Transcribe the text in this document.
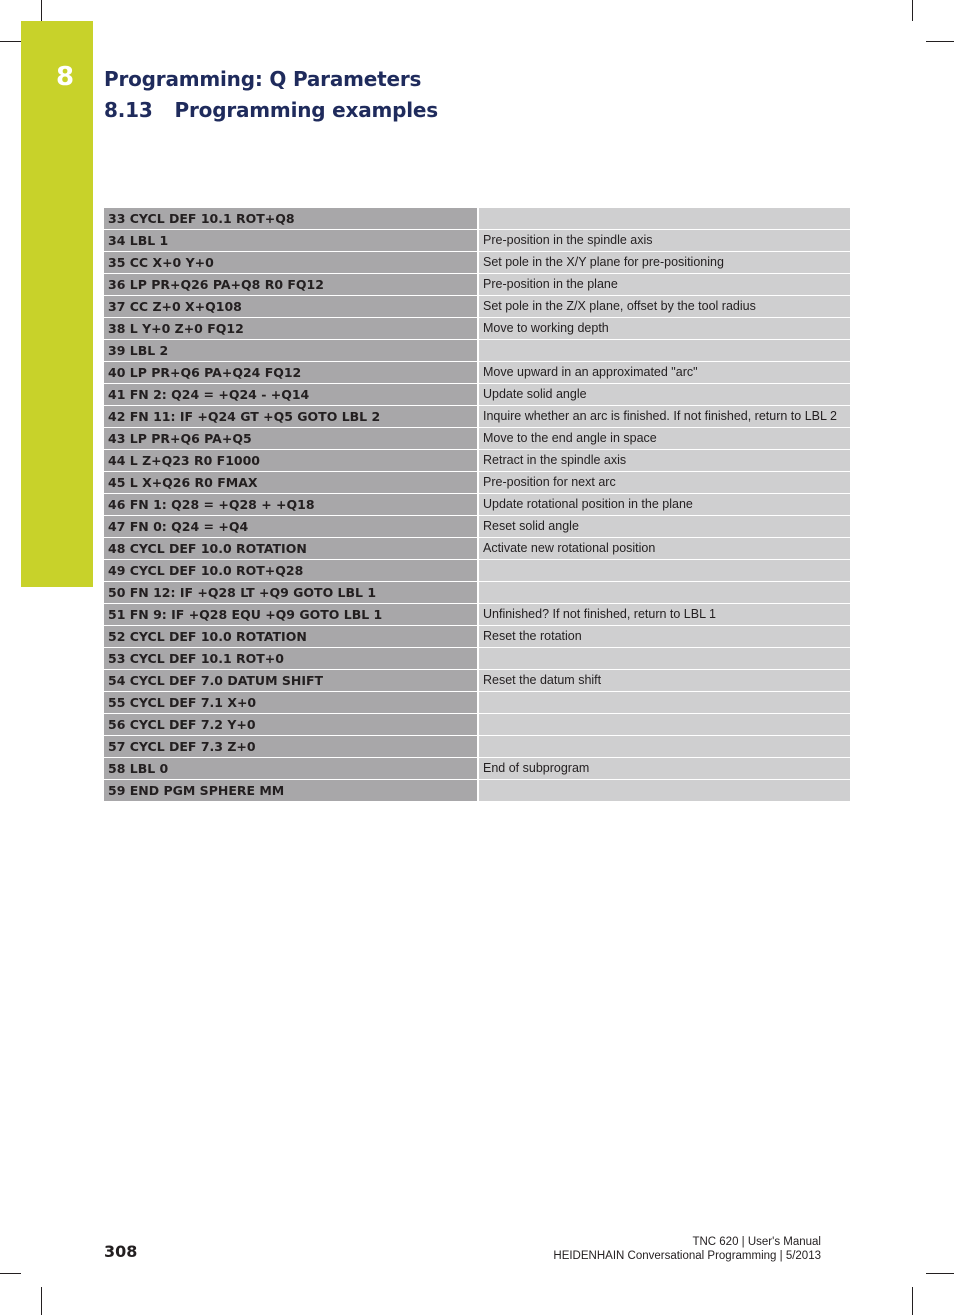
8 Programming: Q Parameters
8.13 Programming examples
33 CYCL DEF 10.1 ROT+Q8	
34 LBL 1	Pre-position in the spindle axis
35 CC X+0 Y+0	Set pole in the X/Y plane for pre-positioning
36 LP PR+Q26 PA+Q8 R0 FQ12	Pre-position in the plane
37 CC Z+0 X+Q108	Set pole in the Z/X plane, offset by the tool radius
38 L Y+0 Z+0 FQ12	Move to working depth
39 LBL 2	
40 LP PR+Q6 PA+Q24 FQ12	Move upward in an approximated "arc"
41 FN 2: Q24 = +Q24 - +Q14	Update solid angle
42 FN 11: IF +Q24 GT +Q5 GOTO LBL 2	Inquire whether an arc is finished. If not finished, return to LBL 2
43 LP PR+Q6 PA+Q5	Move to the end angle in space
44 L Z+Q23 R0 F1000	Retract in the spindle axis
45 L X+Q26 R0 FMAX	Pre-position for next arc
46 FN 1: Q28 = +Q28 + +Q18	Update rotational position in the plane
47 FN 0: Q24 = +Q4	Reset solid angle
48 CYCL DEF 10.0 ROTATION	Activate new rotational position
49 CYCL DEF 10.0 ROT+Q28	
50 FN 12: IF +Q28 LT +Q9 GOTO LBL 1	
51 FN 9: IF +Q28 EQU +Q9 GOTO LBL 1	Unfinished? If not finished, return to LBL 1
52 CYCL DEF 10.0 ROTATION	Reset the rotation
53 CYCL DEF 10.1 ROT+0	
54 CYCL DEF 7.0 DATUM SHIFT	Reset the datum shift
55 CYCL DEF 7.1 X+0	
56 CYCL DEF 7.2 Y+0	
57 CYCL DEF 7.3 Z+0	
58 LBL 0	End of subprogram
59 END PGM SPHERE MM	
308	TNC 620 | User's Manual
HEIDENHAIN Conversational Programming | 5/2013
